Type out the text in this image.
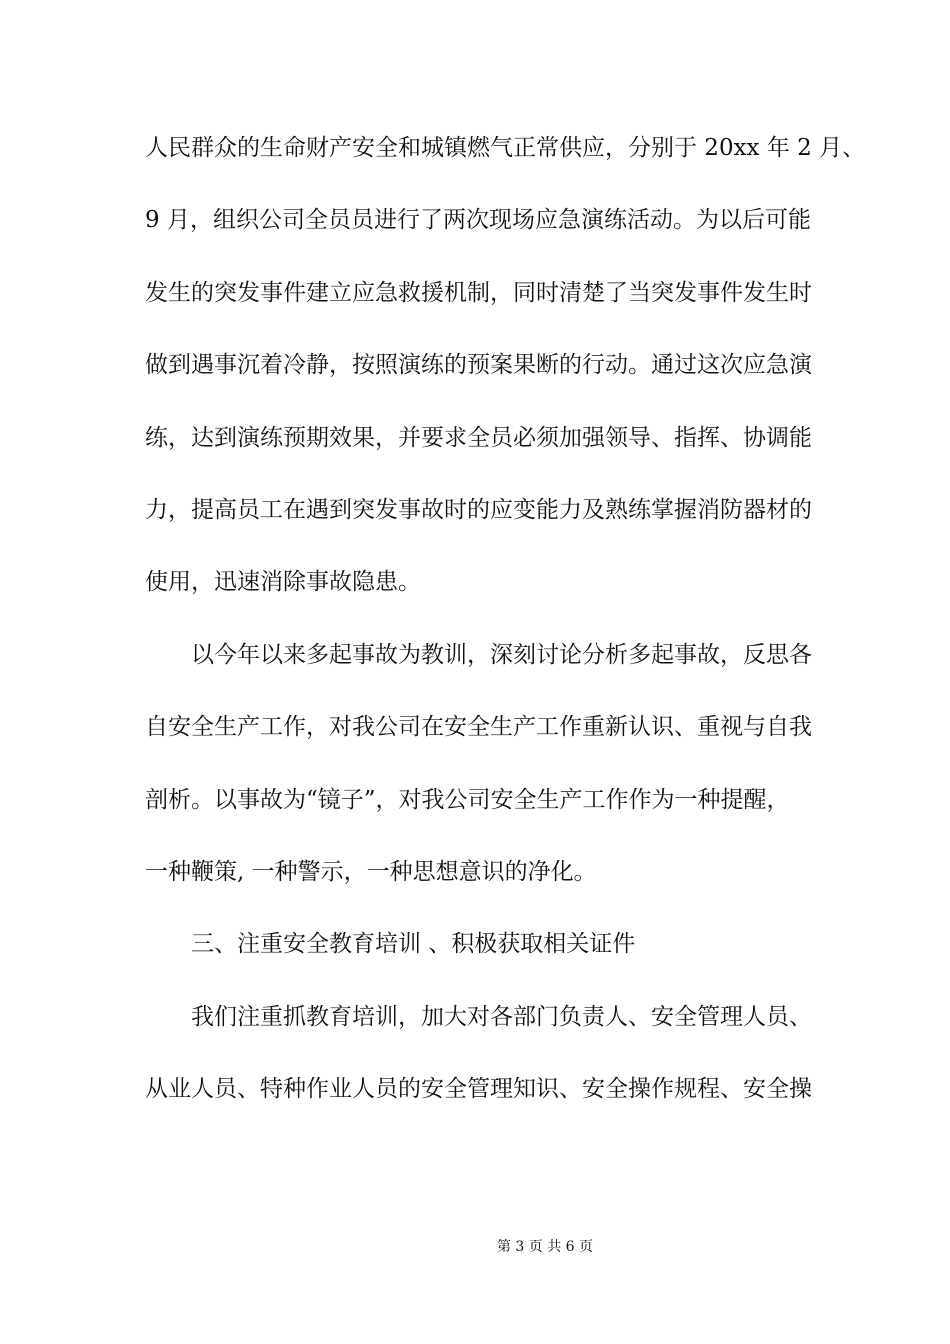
人民群众的生命财产安全和城镇燃气正常供应，分别于 20xx 年 2 月、

9 月，组织公司全员员进行了两次现场应急演练活动。为以后可能

发生的突发事件建立应急救援机制，同时清楚了当突发事件发生时

做到遇事沉着冷静，按照演练的预案果断的行动。通过这次应急演

练，达到演练预期效果，并要求全员必须加强领导、指挥、协调能

力，提高员工在遇到突发事故时的应变能力及熟练掌握消防器材的

使用，迅速消除事故隐患。

以今年以来多起事故为教训，深刻讨论分析多起事故，反思各

自安全生产工作，对我公司在安全生产工作重新认识、重视与自我

剖析。以事故为“镜子”，对我公司安全生产工作作为一种提醒，

一种鞭策, 一种警示，一种思想意识的净化。

三、注重安全教育培训 、积极获取相关证件

我们注重抓教育培训，加大对各部门负责人、安全管理人员、

从业人员、特种作业人员的安全管理知识、安全操作规程、安全操

第 3 页 共 6 页
